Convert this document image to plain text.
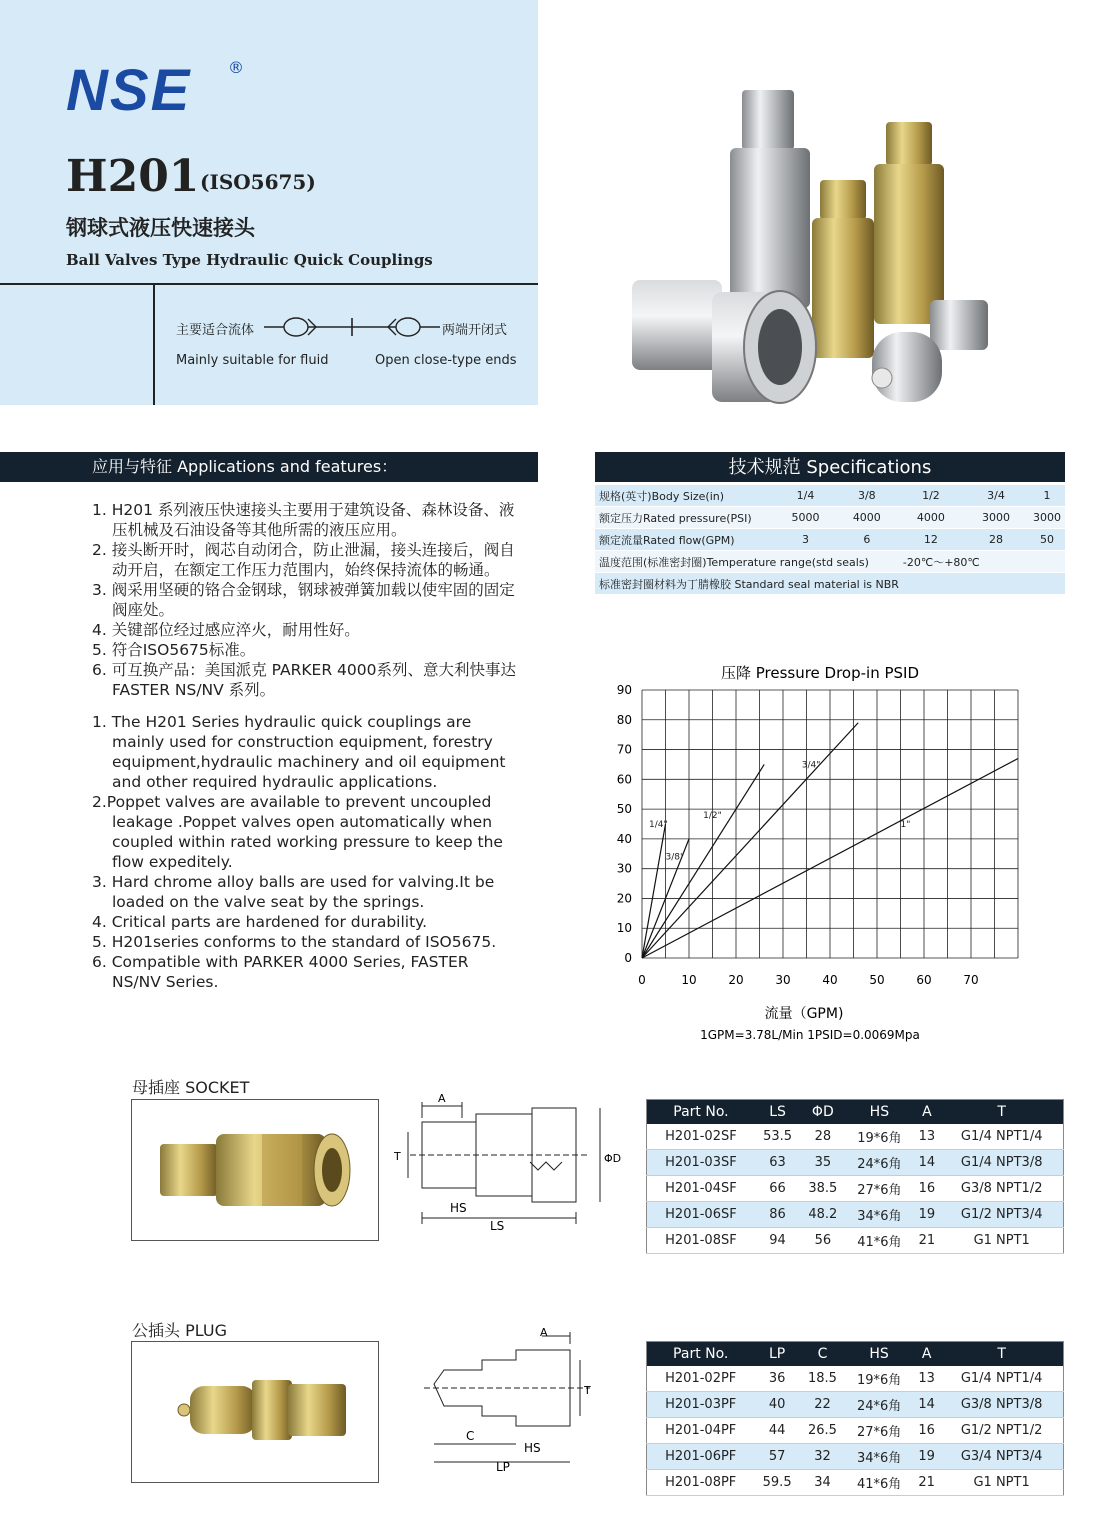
NSE ®
H201 (ISO5675)
钢球式液压快速接头
Ball Valves Type Hydraulic Quick Couplings
主要适合流体	两端开闭式
Mainly suitable for fluid	Open close-type ends
应用与特征 Applications and features：
1. H201 系列液压快速接头主要用于建筑设备、森林设备、液压机械及石油设备等其他所需的液压应用。
2. 接头断开时，阀芯自动闭合，防止泄漏，接头连接后，阀自动开启，在额定工作压力范围内，始终保持流体的畅通。
3. 阀采用坚硬的铬合金钢球，钢球被弹簧加载以使牢固的固定阀座处。
4. 关键部位经过感应淬火，耐用性好。
5. 符合ISO5675标准。
6. 可互换产品：美国派克 PARKER 4000系列、意大利快事达 FASTER NS/NV 系列。
1. The H201 Series hydraulic quick couplings are mainly used for construction equipment, forestry equipment,hydraulic machinery and oil equipment and other required hydraulic applications.
2.Poppet valves are available to prevent uncoupled leakage .Poppet valves open automatically when coupled within rated working pressure to keep the flow expeditely.
3. Hard chrome alloy balls are used for valving.It be loaded on the valve seat by the springs.
4. Critical parts are hardened for durability.
5. H201series conforms to the standard of ISO5675.
6. Compatible with PARKER 4000 Series, FASTER NS/NV Series.
技术规范 Specifications
规格(英寸)Body Size(in)	1/4	3/8	1/2	3/4	1
额定压力Rated pressure(PSI)	5000	4000	4000	3000	3000
额定流量Rated flow(GPM)	3	6	12	28	50
温度范围(标准密封圈)Temperature range(std seals)			-20℃～+80℃		
标准密封圈材料为丁腈橡胶 Standard seal material is NBR					
压降 Pressure Drop-in PSID
0
10
20
30
40
50
60
70
80
90
0	10	20	30	40	50	60	70
1/4"
3/8"
1/2"
3/4"
1"
流量（GPM)
1GPM=3.78L/Min 1PSID=0.0069Mpa
母插座 SOCKET
A
T	ΦD
HS
LS
Part No.	LS	ΦD	HS	A	T
H201-02SF	53.5	28	19*6角	13	G1/4 NPT1/4
H201-03SF	63	35	24*6角	14	G1/4 NPT3/8
H201-04SF	66	38.5	27*6角	16	G3/8 NPT1/2
H201-06SF	86	48.2	34*6角	19	G1/2 NPT3/4
H201-08SF	94	56	41*6角	21	G1 NPT1
公插头 PLUG	A
T
C
HS
LP
Part No.	LP	C	HS	A	T
H201-02PF	36	18.5	19*6角	13	G1/4 NPT1/4
H201-03PF	40	22	24*6角	14	G3/8 NPT3/8
H201-04PF	44	26.5	27*6角	16	G1/2 NPT1/2
H201-06PF	57	32	34*6角	19	G3/4 NPT3/4
H201-08PF	59.5	34	41*6角	21	G1 NPT1
